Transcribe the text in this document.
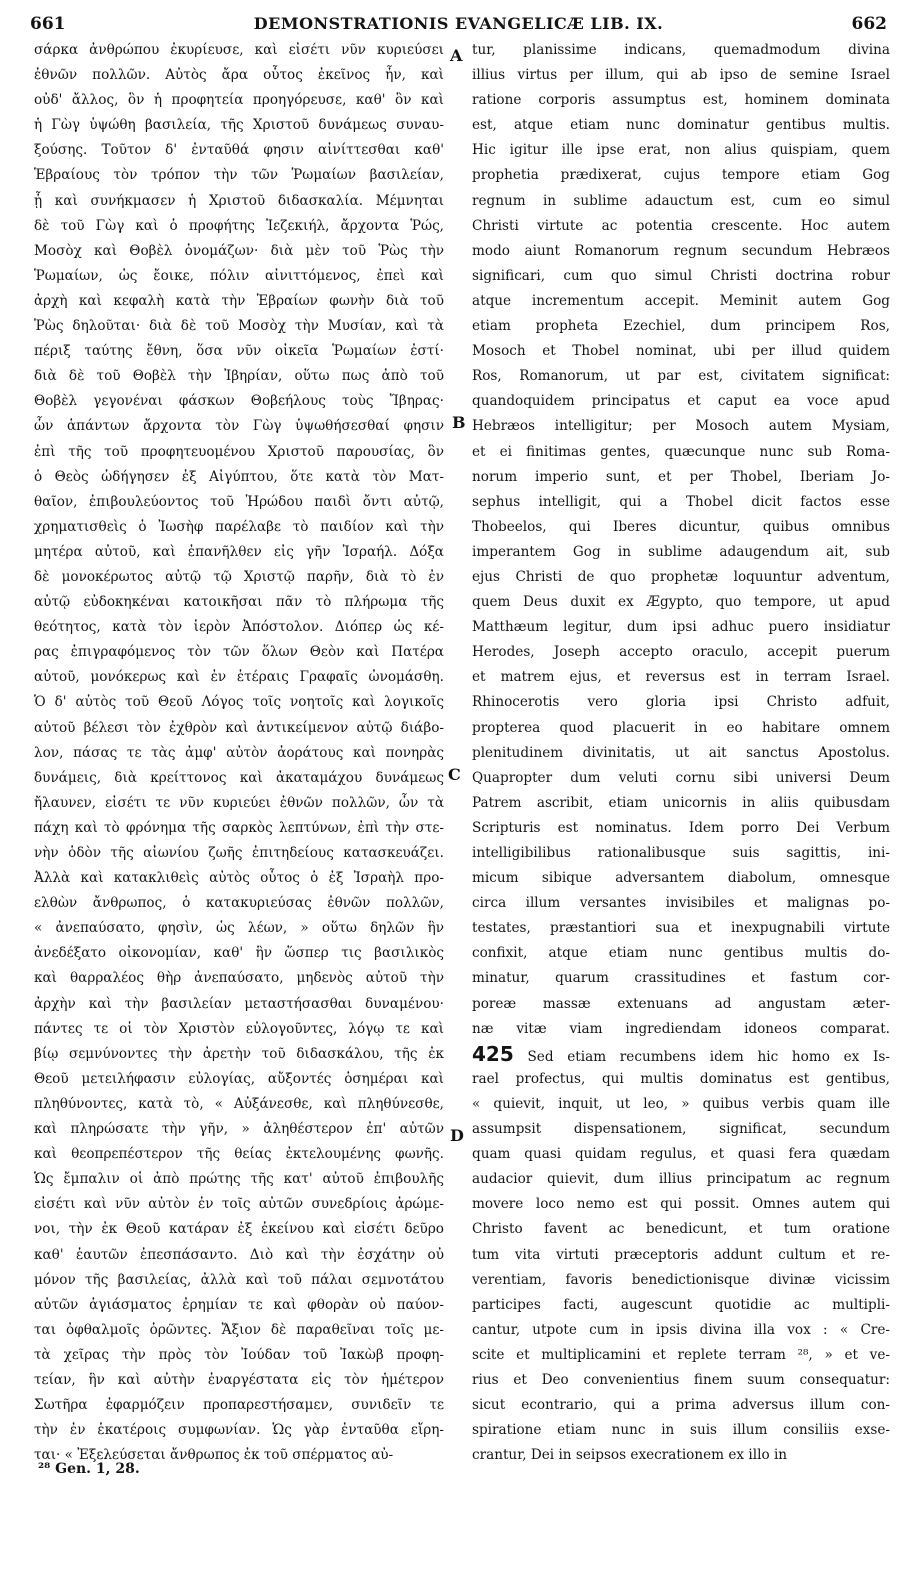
661	DEMONSTRATIONIS EVANGELICÆ LIB. IX.	662
σάρκα ἀνθρώπου ἐκυρίευσε, καὶ εἰσέτι νῦν κυριεύσει
ἐθνῶν πολλῶν. Αὐτὸς ἄρα οὗτος ἐκεῖνος ἦν, καὶ
οὐδ' ἄλλος, ὃν ἡ προφητεία προηγόρευσε, καθ' ὃν καὶ
ἡ Γὼγ ὑψώθη βασιλεία, τῆς Χριστοῦ δυνάμεως συναυ-
ξούσης. Τοῦτον δ' ἐνταῦθά φησιν αἰνίττεσθαι καθ'
Ἑβραίους τὸν τρόπον τὴν τῶν Ῥωμαίων βασιλείαν,
ᾗ καὶ συνήκμασεν ἡ Χριστοῦ διδασκαλία. Μέμνηται
δὲ τοῦ Γὼγ καὶ ὁ προφήτης Ἰεζεκιήλ, ἄρχοντα Ῥώς,
Μοσὸχ καὶ Θοβὲλ ὀνομάζων· διὰ μὲν τοῦ Ῥὼς τὴν
Ῥωμαίων, ὡς ἔοικε, πόλιν αἰνιττόμενος, ἐπεὶ καὶ
ἀρχὴ καὶ κεφαλὴ κατὰ τὴν Ἑβραίων φωνὴν διὰ τοῦ
Ῥὼς δηλοῦται· διὰ δὲ τοῦ Μοσὸχ τὴν Μυσίαν, καὶ τὰ
πέριξ ταύτης ἔθνη, ὅσα νῦν οἰκεῖα Ῥωμαίων ἐστί·
διὰ δὲ τοῦ Θοβὲλ τὴν Ἰβηρίαν, οὕτω πως ἀπὸ τοῦ
Θοβὲλ γεγονέναι φάσκων Θοβεήλους τοὺς Ἴβηρας·
ὧν ἁπάντων ἄρχοντα τὸν Γὼγ ὑψωθήσεσθαί φησιν
ἐπὶ τῆς τοῦ προφητευομένου Χριστοῦ παρουσίας, ὃν
ὁ Θεὸς ὡδήγησεν ἐξ Αἰγύπτου, ὅτε κατὰ τὸν Ματ-
θαῖον, ἐπιβουλεύοντος τοῦ Ἡρώδου παιδὶ ὄντι αὐτῷ,
χρηματισθεὶς ὁ Ἰωσὴφ παρέλαβε τὸ παιδίον καὶ τὴν
μητέρα αὐτοῦ, καὶ ἐπανῆλθεν εἰς γῆν Ἰσραήλ. Δόξα
δὲ μονοκέρωτος αὐτῷ τῷ Χριστῷ παρῆν, διὰ τὸ ἐν
αὐτῷ εὐδοκηκέναι κατοικῆσαι πᾶν τὸ πλήρωμα τῆς
θεότητος, κατὰ τὸν ἱερὸν Ἀπόστολον. Διόπερ ὡς κέ-
ρας ἐπιγραφόμενος τὸν τῶν ὅλων Θεὸν καὶ Πατέρα
αὐτοῦ, μονόκερως καὶ ἐν ἑτέραις Γραφαῖς ὠνομάσθη.
Ὁ δ' αὐτὸς τοῦ Θεοῦ Λόγος τοῖς νοητοῖς καὶ λογικοῖς
αὐτοῦ βέλεσι τὸν ἐχθρὸν καὶ ἀντικείμενον αὐτῷ διάβο-
λον, πάσας τε τὰς ἀμφ' αὐτὸν ἀοράτους καὶ πονηρὰς
δυνάμεις, διὰ κρείττονος καὶ ἀκαταμάχου δυνάμεως
ἤλαυνεν, εἰσέτι τε νῦν κυριεύει ἐθνῶν πολλῶν, ὧν τὰ
πάχη καὶ τὸ φρόνημα τῆς σαρκὸς λεπτύνων, ἐπὶ τὴν στε-
νὴν ὁδὸν τῆς αἰωνίου ζωῆς ἐπιτηδείους κατασκευάζει.
Ἀλλὰ καὶ κατακλιθεὶς αὐτὸς οὗτος ὁ ἐξ Ἰσραὴλ προ-
ελθὼν ἄνθρωπος, ὁ κατακυριεύσας ἐθνῶν πολλῶν,
« ἀνεπαύσατο, φησὶν, ὡς λέων, » οὕτω δηλῶν ἣν
ἀνεδέξατο οἰκονομίαν, καθ' ἣν ὥσπερ τις βασιλικὸς
καὶ θαρραλέος θὴρ ἀνεπαύσατο, μηδενὸς αὐτοῦ τὴν
ἀρχὴν καὶ τὴν βασιλείαν μεταστήσασθαι δυναμένου·
πάντες τε οἱ τὸν Χριστὸν εὐλογοῦντες, λόγῳ τε καὶ
βίῳ σεμνύνοντες τὴν ἀρετὴν τοῦ διδασκάλου, τῆς ἐκ
Θεοῦ μετειλήφασιν εὐλογίας, αὔξοντές ὁσημέραι καὶ
πληθύνοντες, κατὰ τὸ, « Αὐξάνεσθε, καὶ πληθύνεσθε,
καὶ πληρώσατε τὴν γῆν, » ἀληθέστερον ἐπ' αὐτῶν
καὶ θεοπρεπέστερον τῆς θείας ἐκτελουμένης φωνῆς.
Ὡς ἔμπαλιν οἱ ἀπὸ πρώτης τῆς κατ' αὐτοῦ ἐπιβουλῆς
εἰσέτι καὶ νῦν αὐτὸν ἐν τοῖς αὐτῶν συνεδρίοις ἀρώμε-
νοι, τὴν ἐκ Θεοῦ κατάραν ἐξ ἐκείνου καὶ εἰσέτι δεῦρο
καθ' ἑαυτῶν ἐπεσπάσαντο. Διὸ καὶ τὴν ἐσχάτην οὐ
μόνον τῆς βασιλείας, ἀλλὰ καὶ τοῦ πάλαι σεμνοτάτου
αὐτῶν ἁγιάσματος ἐρημίαν τε καὶ φθορὰν οὐ παύον-
ται ὀφθαλμοῖς ὁρῶντες. Ἄξιον δὲ παραθεῖναι τοῖς με-
τὰ χεῖρας τὴν πρὸς τὸν Ἰούδαν τοῦ Ἰακὼβ προφη-
τείαν, ἣν καὶ αὐτὴν ἐναργέστατα εἰς τὸν ἡμέτερον
Σωτῆρα ἐφαρμόζειν προπαρεστήσαμεν, συνιδεῖν τε
τὴν ἐν ἑκατέροις συμφωνίαν. Ὡς γὰρ ἐνταῦθα εἴρη-
ται· « Ἐξελεύσεται ἄνθρωπος ἐκ τοῦ σπέρματος αὐ-
A
B
C
D
tur, planissime indicans, quemadmodum divina
illius virtus per illum, qui ab ipso de semine Israel
ratione corporis assumptus est, hominem dominata
est, atque etiam nunc dominatur gentibus multis.
Hic igitur ille ipse erat, non alius quispiam, quem
prophetia prædixerat, cujus tempore etiam Gog
regnum in sublime adauctum est, cum eo simul
Christi virtute ac potentia crescente. Hoc autem
modo aiunt Romanorum regnum secundum Hebræos
significari, cum quo simul Christi doctrina robur
atque incrementum accepit. Meminit autem Gog
etiam propheta Ezechiel, dum principem Ros,
Mosoch et Thobel nominat, ubi per illud quidem
Ros, Romanorum, ut par est, civitatem significat:
quandoquidem principatus et caput ea voce apud
Hebræos intelligitur; per Mosoch autem Mysiam,
et ei finitimas gentes, quæcunque nunc sub Roma-
norum imperio sunt, et per Thobel, Iberiam Jo-
sephus intelligit, qui a Thobel dicit factos esse
Thobeelos, qui Iberes dicuntur, quibus omnibus
imperantem Gog in sublime adaugendum ait, sub
ejus Christi de quo prophetæ loquuntur adventum,
quem Deus duxit ex Ægypto, quo tempore, ut apud
Matthæum legitur, dum ipsi adhuc puero insidiatur
Herodes, Joseph accepto oraculo, accepit puerum
et matrem ejus, et reversus est in terram Israel.
Rhinocerotis vero gloria ipsi Christo adfuit,
propterea quod placuerit in eo habitare omnem
plenitudinem divinitatis, ut ait sanctus Apostolus.
Quapropter dum veluti cornu sibi universi Deum
Patrem ascribit, etiam unicornis in aliis quibusdam
Scripturis est nominatus. Idem porro Dei Verbum
intelligibilibus rationalibusque suis sagittis, ini-
micum sibique adversantem diabolum, omnesque
circa illum versantes invisibiles et malignas po-
testates, præstantiori sua et inexpugnabili virtute
confixit, atque etiam nunc gentibus multis do-
minatur, quarum crassitudines et fastum cor-
poreæ massæ extenuans ad angustam æter-
næ vitæ viam ingrediendam idoneos comparat.
425 Sed etiam recumbens idem hic homo ex Is-
rael profectus, qui multis dominatus est gentibus,
« quievit, inquit, ut leo, » quibus verbis quam ille
assumpsit dispensationem, significat, secundum
quam quasi quidam regulus, et quasi fera quædam
audacior quievit, dum illius principatum ac regnum
movere loco nemo est qui possit. Omnes autem qui
Christo favent ac benedicunt, et tum oratione
tum vita virtuti præceptoris addunt cultum et re-
verentiam, favoris benedictionisque divinæ vicissim
participes facti, augescunt quotidie ac multipli-
cantur, utpote cum in ipsis divina illa vox : « Cre-
scite et multiplicamini et replete terram ²⁸, » et ve-
rius et Deo convenientius finem suum consequatur:
sicut econtrario, qui a prima adversus illum con-
spiratione etiam nunc in suis illum consiliis exse-
crantur, Dei in seipsos execrationem ex illo in
²⁸ Gen. 1, 28.
